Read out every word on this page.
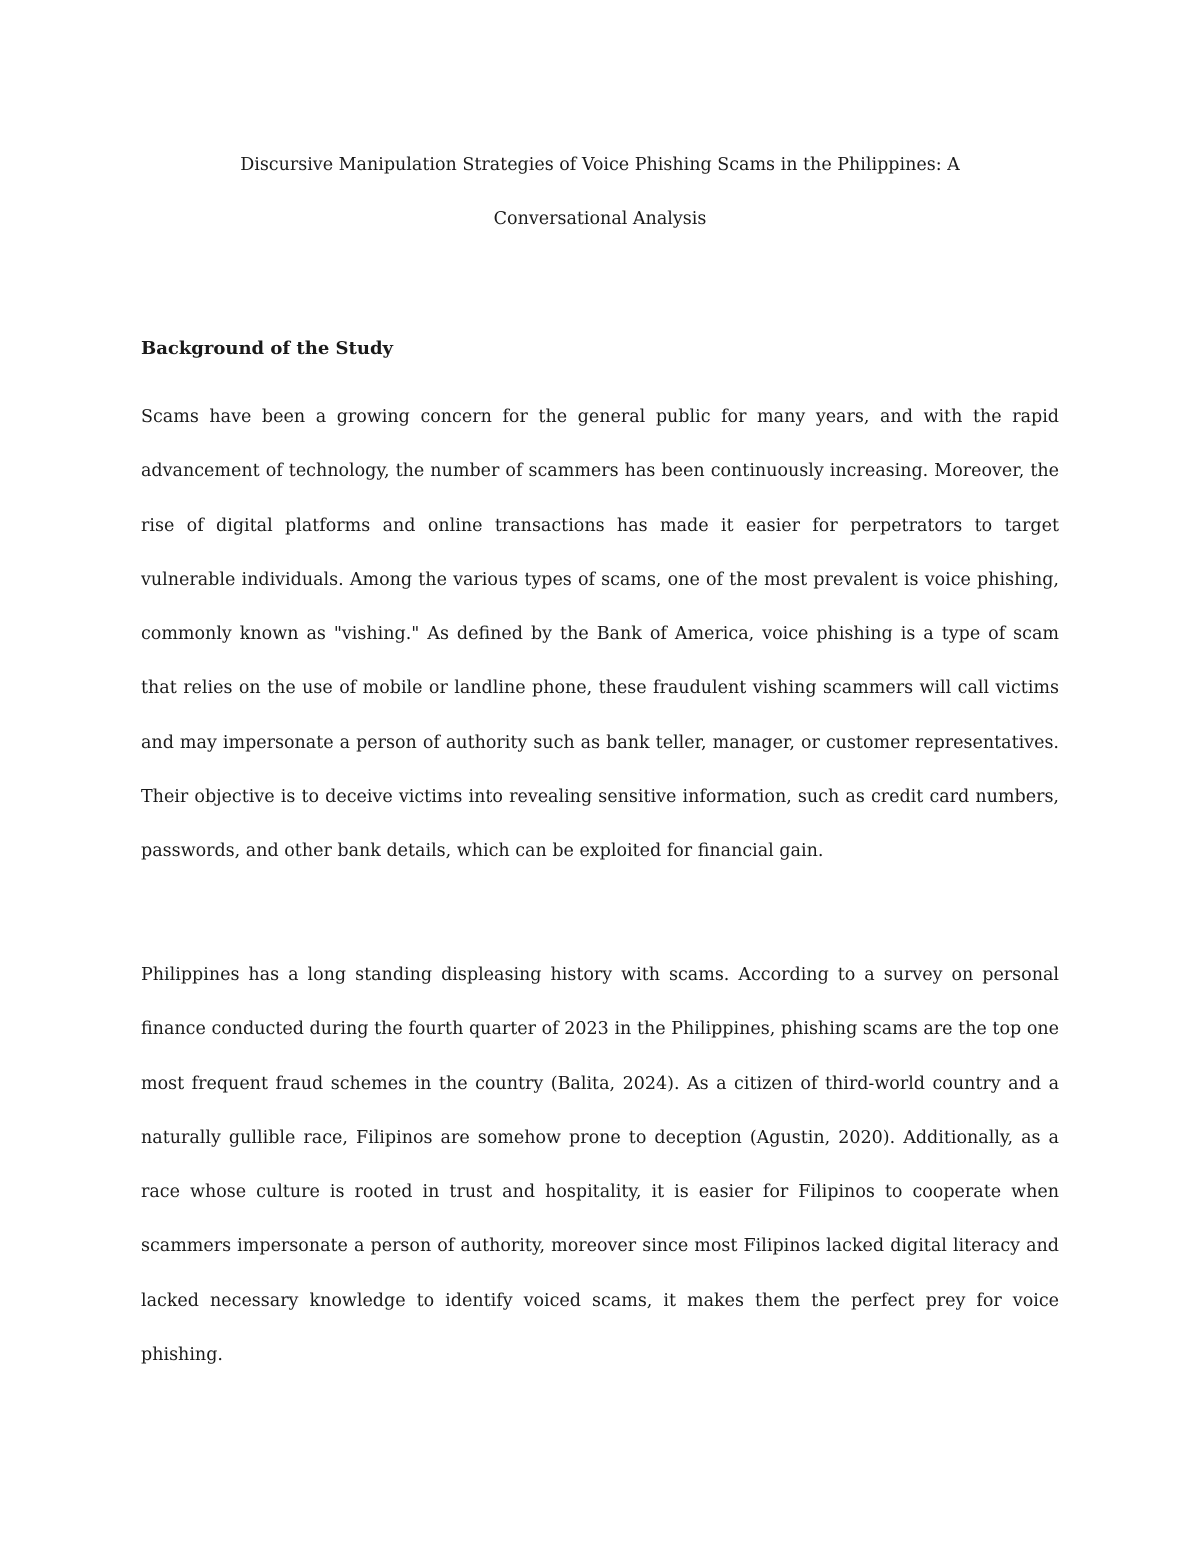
Discursive Manipulation Strategies of Voice Phishing Scams in the Philippines: A
Conversational Analysis
Background of the Study

Scams have been a growing concern for the general public for many years, and with the rapid advancement of technology, the number of scammers has been continuously increasing. Moreover, the rise of digital platforms and online transactions has made it easier for perpetrators to target vulnerable individuals. Among the various types of scams, one of the most prevalent is voice phishing, commonly known as "vishing." As defined by the Bank of America, voice phishing is a type of scam that relies on the use of mobile or landline phone, these fraudulent vishing scammers will call victims and may impersonate a person of authority such as bank teller, manager, or customer representatives. Their objective is to deceive victims into revealing sensitive information, such as credit card numbers, passwords, and other bank details, which can be exploited for financial gain.

Philippines has a long standing displeasing history with scams. According to a survey on personal finance conducted during the fourth quarter of 2023 in the Philippines, phishing scams are the top one most frequent fraud schemes in the country (Balita, 2024). As a citizen of third-world country and a naturally gullible race, Filipinos are somehow prone to deception (Agustin, 2020). Additionally, as a race whose culture is rooted in trust and hospitality, it is easier for Filipinos to cooperate when scammers impersonate a person of authority, moreover since most Filipinos lacked digital literacy and lacked necessary knowledge to identify voiced scams, it makes them the perfect prey for voice phishing.
